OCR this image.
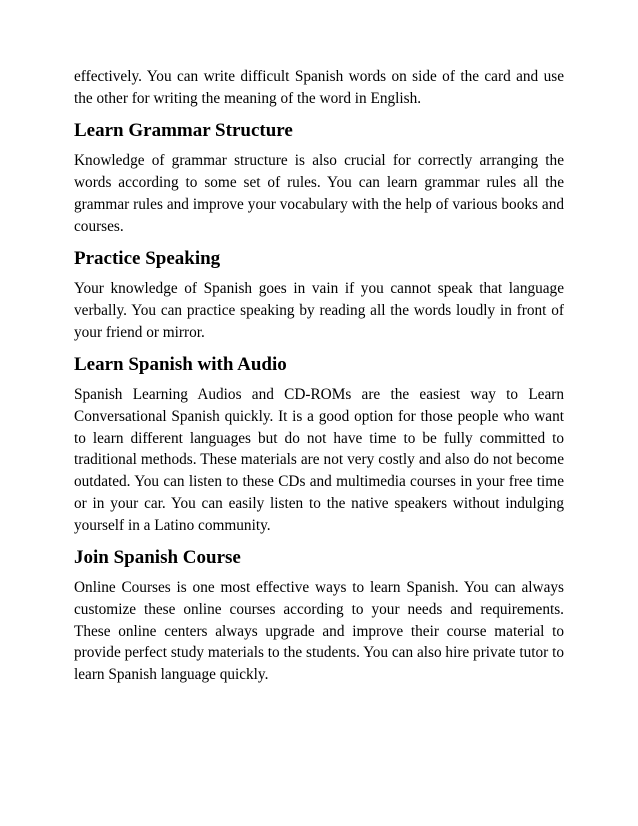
effectively. You can write difficult Spanish words on side of the card and use the other for writing the meaning of the word in English.

Learn Grammar Structure

Knowledge of grammar structure is also crucial for correctly arranging the words according to some set of rules. You can learn grammar rules all the grammar rules and improve your vocabulary with the help of various books and courses.

Practice Speaking

Your knowledge of Spanish goes in vain if you cannot speak that language verbally. You can practice speaking by reading all the words loudly in front of your friend or mirror.

Learn Spanish with Audio

Spanish Learning Audios and CD-ROMs are the easiest way to Learn Conversational Spanish quickly. It is a good option for those people who want to learn different languages but do not have time to be fully committed to traditional methods. These materials are not very costly and also do not become outdated. You can listen to these CDs and multimedia courses in your free time or in your car. You can easily listen to the native speakers without indulging yourself in a Latino community.

Join Spanish Course

Online Courses is one most effective ways to learn Spanish. You can always customize these online courses according to your needs and requirements. These online centers always upgrade and improve their course material to provide perfect study materials to the students. You can also hire private tutor to learn Spanish language quickly.
